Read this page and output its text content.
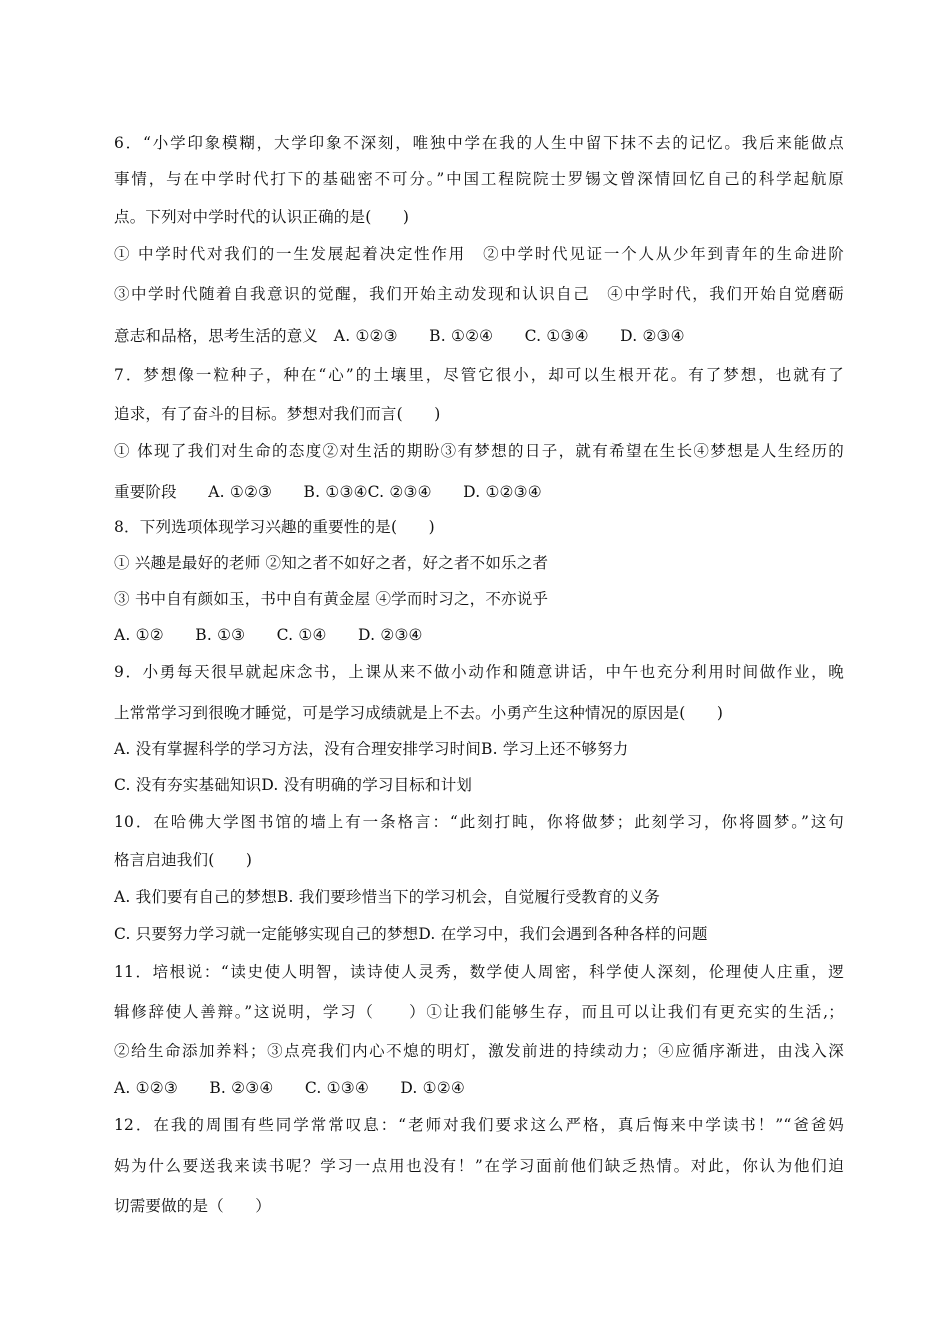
6．“小学印象模糊，大学印象不深刻，唯独中学在我的人生中留下抹不去的记忆。我后来能做点
事情，与在中学时代打下的基础密不可分。”中国工程院院士罗锡文曾深情回忆自己的科学起航原
点。下列对中学时代的认识正确的是(　　)
① 中学时代对我们的一生发展起着决定性作用　②中学时代见证一个人从少年到青年的生命进阶
③中学时代随着自我意识的觉醒，我们开始主动发现和认识自己　④中学时代，我们开始自觉磨砺
意志和品格，思考生活的意义　A. ①②③　　B. ①②④　　C. ①③④　　D. ②③④
7．梦想像一粒种子，种在“心”的土壤里，尽管它很小，却可以生根开花。有了梦想，也就有了
追求，有了奋斗的目标。梦想对我们而言(　　)
① 体现了我们对生命的态度②对生活的期盼③有梦想的日子，就有希望在生长④梦想是人生经历的
重要阶段　　A. ①②③　　B. ①③④C. ②③④　　D. ①②③④
8．下列选项体现学习兴趣的重要性的是(　　)
① 兴趣是最好的老师 ②知之者不如好之者，好之者不如乐之者
③ 书中自有颜如玉，书中自有黄金屋 ④学而时习之，不亦说乎
A. ①②　　B. ①③　　C. ①④　　D. ②③④
9．小勇每天很早就起床念书，上课从来不做小动作和随意讲话，中午也充分利用时间做作业，晚
上常常学习到很晚才睡觉，可是学习成绩就是上不去。小勇产生这种情况的原因是(　　)
A. 没有掌握科学的学习方法，没有合理安排学习时间B. 学习上还不够努力
C. 没有夯实基础知识D. 没有明确的学习目标和计划
10．在哈佛大学图书馆的墙上有一条格言：“此刻打盹，你将做梦；此刻学习，你将圆梦。”这句
格言启迪我们(　　)
A. 我们要有自己的梦想B. 我们要珍惜当下的学习机会，自觉履行受教育的义务
C. 只要努力学习就一定能够实现自己的梦想D. 在学习中，我们会遇到各种各样的问题
11．培根说：“读史使人明智，读诗使人灵秀，数学使人周密，科学使人深刻，伦理使人庄重，逻
辑修辞使人善辩。”这说明，学习（　　）①让我们能够生存，而且可以让我们有更充实的生活,；
②给生命添加养料；③点亮我们内心不熄的明灯，激发前进的持续动力；④应循序渐进，由浅入深
A. ①②③　　B. ②③④　　C. ①③④　　D. ①②④
12．在我的周围有些同学常常叹息：“老师对我们要求这么严格，真后悔来中学读书！”“爸爸妈
妈为什么要送我来读书呢？学习一点用也没有！”在学习面前他们缺乏热情。对此，你认为他们迫
切需要做的是（　　）
